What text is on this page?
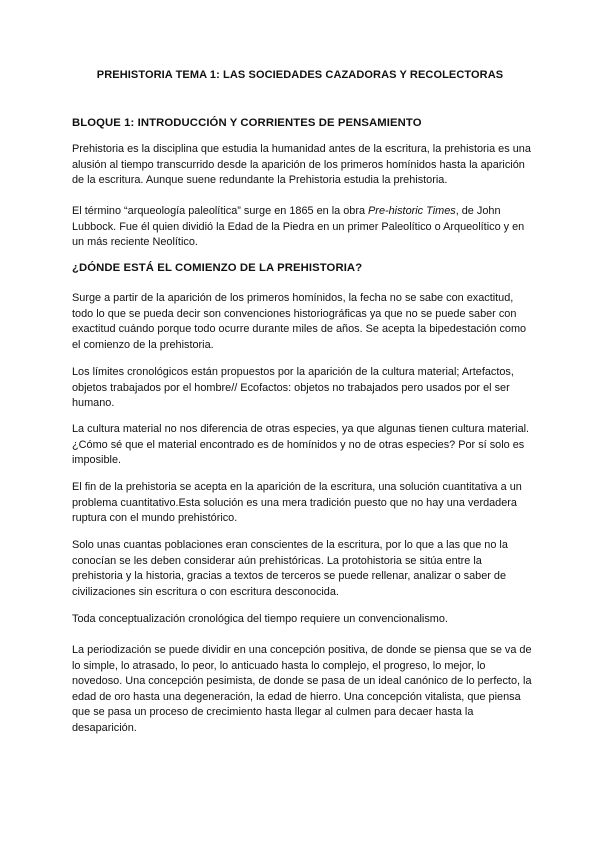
PREHISTORIA TEMA 1: LAS SOCIEDADES CAZADORAS Y RECOLECTORAS
BLOQUE 1: INTRODUCCIÓN Y CORRIENTES DE PENSAMIENTO

Prehistoria es la disciplina que estudia la humanidad antes de la escritura, la prehistoria es una alusión al tiempo transcurrido desde la aparición de los primeros homínidos hasta la aparición de la escritura. Aunque suene redundante la Prehistoria estudia la prehistoria.

El término “arqueología paleolítica” surge en 1865 en la obra Pre-historic Times, de John Lubbock. Fue él quien dividió la Edad de la Piedra en un primer Paleolítico o Arqueolítico y en un más reciente Neolítico.

¿DÓNDE ESTÁ EL COMIENZO DE LA PREHISTORIA?

Surge a partir de la aparición de los primeros homínidos, la fecha no se sabe con exactitud, todo lo que se pueda decir son convenciones historiográficas ya que no se puede saber con exactitud cuándo porque todo ocurre durante miles de años. Se acepta la bipedestación como el comienzo de la prehistoria.

Los límites cronológicos están propuestos por la aparición de la cultura material; Artefactos, objetos trabajados por el hombre// Ecofactos: objetos no trabajados pero usados por el ser humano.

La cultura material no nos diferencia de otras especies, ya que algunas tienen cultura material. ¿Cómo sé que el material encontrado es de homínidos y no de otras especies? Por sí solo es imposible.

El fin de la prehistoria se acepta en la aparición de la escritura, una solución cuantitativa a un problema cuantitativo.Esta solución es una mera tradición puesto que no hay una verdadera ruptura con el mundo prehistórico.

Solo unas cuantas poblaciones eran conscientes de la escritura, por lo que a las que no la conocían se les deben considerar aún prehistóricas. La protohistoria se sitúa entre la prehistoria y la historia, gracias a textos de terceros se puede rellenar, analizar o saber de civilizaciones sin escritura o con escritura desconocida.

Toda conceptualización cronológica del tiempo requiere un convencionalismo.

La periodización se puede dividir en una concepción positiva, de donde se piensa que se va de lo simple, lo atrasado, lo peor, lo anticuado hasta lo complejo, el progreso, lo mejor, lo novedoso. Una concepción pesimista, de donde se pasa de un ideal canónico de lo perfecto, la edad de oro hasta una degeneración, la edad de hierro. Una concepción vitalista, que piensa que se pasa un proceso de crecimiento hasta llegar al culmen para decaer hasta la desaparición.
